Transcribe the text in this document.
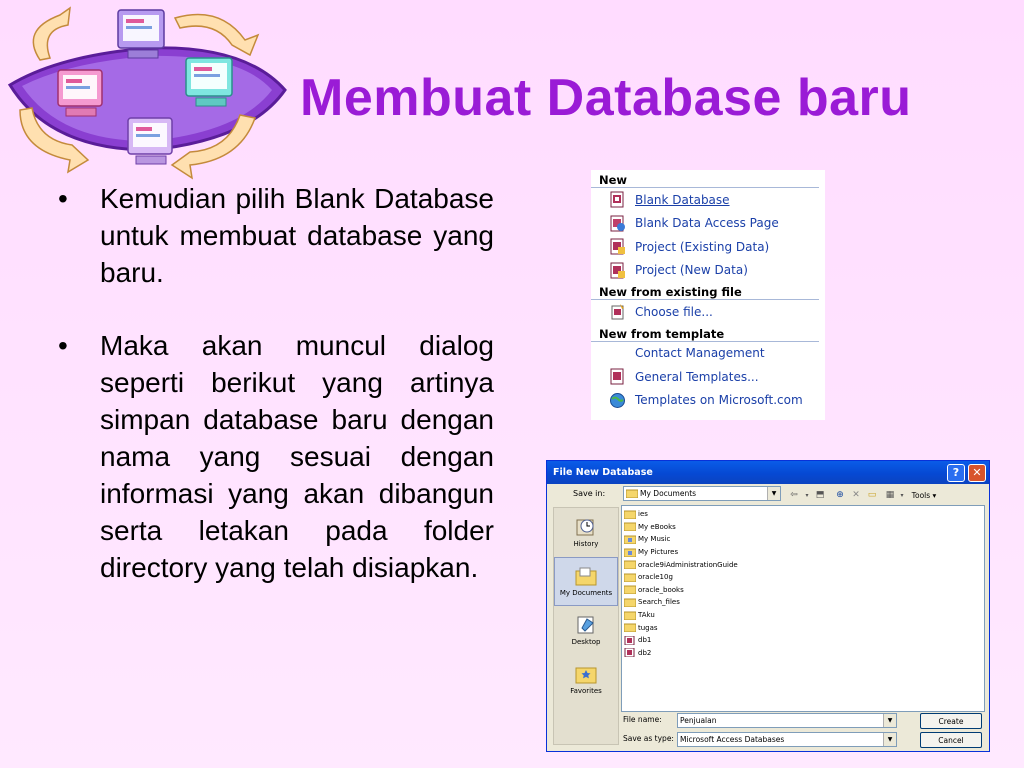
Membuat Database baru
•	Kemudian pilih Blank Database untuk membuat database yang baru.
•	Maka akan muncul dialog seperti berikut yang artinya simpan database baru dengan nama yang sesuai dengan informasi yang akan dibangun serta letakan pada folder directory yang telah disiapkan.
New
Blank Database
Blank Data Access Page
Project (Existing Data)
Project (New Data)
New from existing file
Choose file...
New from template
Contact Management
General Templates...
Templates on Microsoft.com
File New Database	?	✕
Save in:	My Documents	▼	⇦	▾ ⬒	⊕ ✕ ▭	▦	▾	Tools ▾
History
My Documents
Desktop
Favorites
ies
My eBooks
My Music
My Pictures
oracle9iAdministrationGuide
oracle10g
oracle_books
Search_files
TAku
tugas
db1
db2
File name: Penjualan	▼
Save as type: Microsoft Access Databases	▼
Create
Cancel
